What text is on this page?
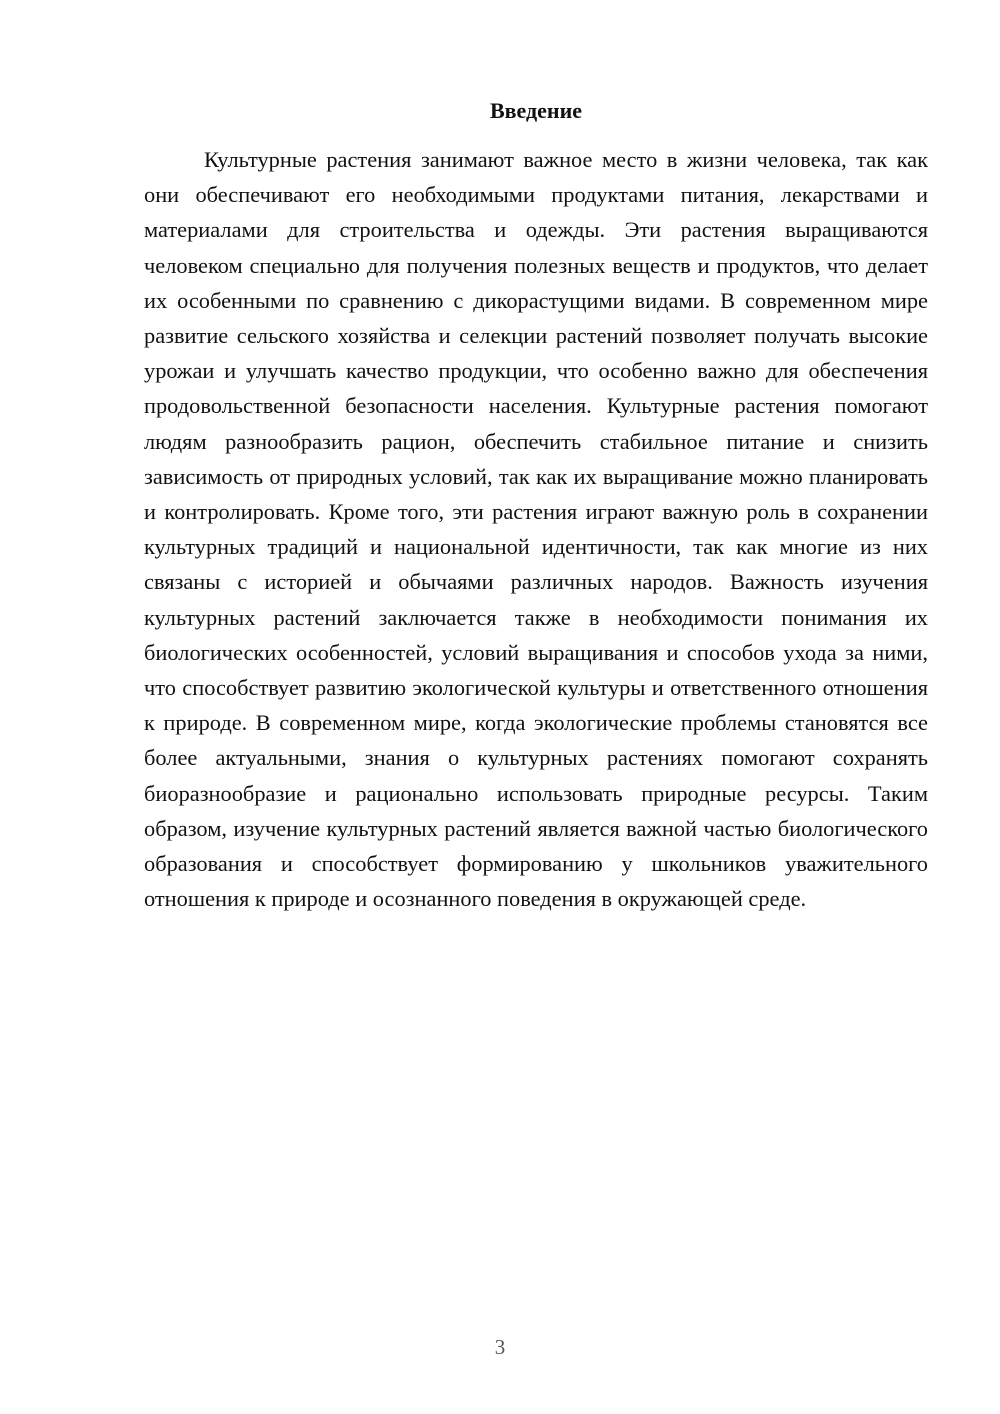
Введение

Культурные растения занимают важное место в жизни человека, так как они обеспечивают его необходимыми продуктами питания, лекарствами и материалами для строительства и одежды. Эти растения выращиваются человеком специально для получения полезных веществ и продуктов, что делает их особенными по сравнению с дикорастущими видами. В современном мире развитие сельского хозяйства и селекции растений позволяет получать высокие урожаи и улучшать качество продукции, что особенно важно для обеспечения продовольственной безопасности населения. Культурные растения помогают людям разнообразить рацион, обеспечить стабильное питание и снизить зависимость от природных условий, так как их выращивание можно планировать и контролировать. Кроме того, эти растения играют важную роль в сохранении культурных традиций и национальной идентичности, так как многие из них связаны с историей и обычаями различных народов. Важность изучения культурных растений заключается также в необходимости понимания их биологических особенностей, условий выращивания и способов ухода за ними, что способствует развитию экологической культуры и ответственного отношения к природе. В современном мире, когда экологические проблемы становятся все более актуальными, знания о культурных растениях помогают сохранять биоразнообразие и рационально использовать природные ресурсы. Таким образом, изучение культурных растений является важной частью биологического образования и способствует формированию у школьников уважительного отношения к природе и осознанного поведения в окружающей среде.

3
